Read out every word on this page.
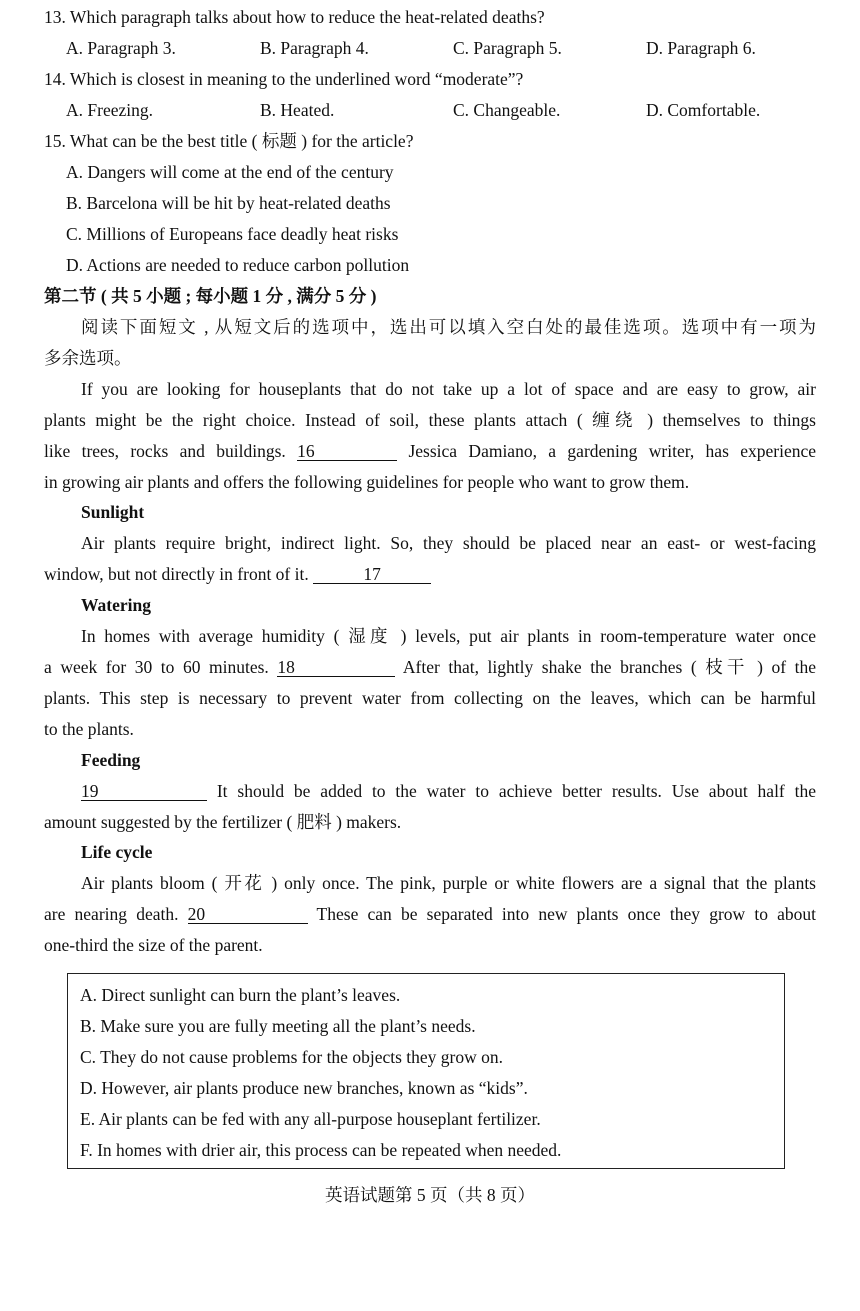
13. Which paragraph talks about how to reduce the heat-related deaths?
A. Paragraph 3.	B. Paragraph 4.	C. Paragraph 5.	D. Paragraph 6.
14. Which is closest in meaning to the underlined word “moderate”?
A. Freezing.	B. Heated.	C. Changeable.	D. Comfortable.
15. What can be the best title ( 标题 ) for the article?
A. Dangers will come at the end of the century
B. Barcelona will be hit by heat-related deaths
C. Millions of Europeans face deadly heat risks
D. Actions are needed to reduce carbon pollution
第二节 ( 共 5 小题 ; 每小题 1 分 , 满分 5 分 )
阅读下面短文 , 从短文后的选项中，选出可以填入空白处的最佳选项。选项中有一项为
多余选项。
If you are looking for houseplants that do not take up a lot of space and are easy to grow, air
plants might be the right choice. Instead of soil, these plants attach ( 缠绕 ) themselves to things
like trees, rocks and buildings. 16	Jessica Damiano, a gardening writer, has experience
in growing air plants and offers the following guidelines for people who want to grow them.
Sunlight
Air plants require bright, indirect light. So, they should be placed near an east- or west-facing
window, but not directly in front of it.	17
Watering
In homes with average humidity ( 湿度 ) levels, put air plants in room-temperature water once
a week for 30 to 60 minutes. 18	After that, lightly shake the branches ( 枝干 ) of the
plants. This step is necessary to prevent water from collecting on the leaves, which can be harmful
to the plants.
Feeding
19	It should be added to the water to achieve better results. Use about half the
amount suggested by the fertilizer ( 肥料 ) makers.
Life cycle
Air plants bloom ( 开花 ) only once. The pink, purple or white flowers are a signal that the plants
are nearing death. 20	These can be separated into new plants once they grow to about
one-third the size of the parent.
A. Direct sunlight can burn the plant’s leaves.
B. Make sure you are fully meeting all the plant’s needs.
C. They do not cause problems for the objects they grow on.
D. However, air plants produce new branches, known as “kids”.
E. Air plants can be fed with any all-purpose houseplant fertilizer.
F. In homes with drier air, this process can be repeated when needed.
英语试题第 5 页（共 8 页）
